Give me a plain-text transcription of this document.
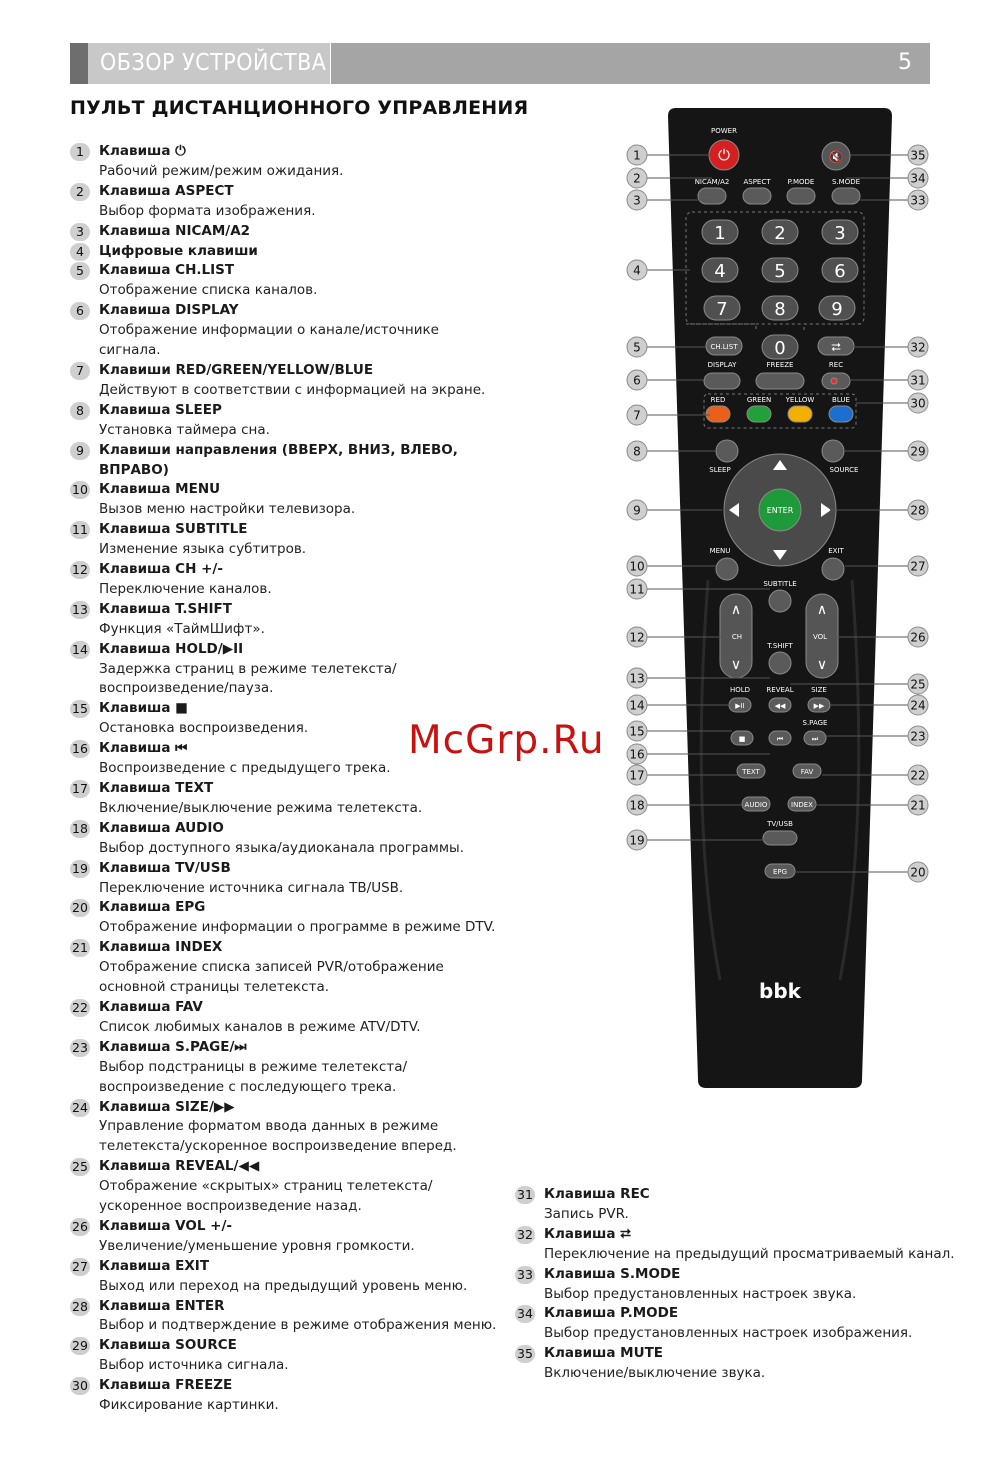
ОБЗОР УСТРОЙСТВА	5
ПУЛЬТ ДИСТАНЦИОННОГО УПРАВЛЕНИЯ
1	Клавиша ⏻
Рабочий режим/режим ожидания.
2	Клавиша ASPECT
Выбор формата изображения.
3	Клавиша NICAM/A2
4	Цифровые клавиши
5	Клавиша CH.LIST
Отображение списка каналов.
6	Клавиша DISPLAY
Отображение информации о канале/источнике сигнала.
7	Клавиши RED/GREEN/YELLOW/BLUE
Действуют в соответствии с информацией на экране.
8	Клавиша SLEEP
Установка таймера сна.
9	Клавиши направления (ВВЕРХ, ВНИЗ, ВЛЕВО, ВПРАВО)
10 Клавиша MENU
Вызов меню настройки телевизора.
11 Клавиша SUBTITLE
Изменение языка субтитров.
12 Клавиша CH +/-
Переключение каналов.
13 Клавиша T.SHIFT
Функция «ТаймШифт».
14 Клавиша HOLD/▶II
Задержка страниц в режиме телетекста/ воспроизведение/пауза.
15 Клавиша ■
Остановка воспроизведения.
16 Клавиша ⏮
Воспроизведение с предыдущего трека.
17 Клавиша TEXT
Включение/выключение режима телетекста.
18 Клавиша AUDIO
Выбор доступного языка/аудиоканала программы.
19 Клавиша TV/USB
Переключение источника сигнала ТВ/USB.
20 Клавиша EPG
Отображение информации о программе в режиме DTV.
21 Клавиша INDEX
Отображение списка записей PVR/отображение основной страницы телетекста.
22 Клавиша FAV
Список любимых каналов в режиме ATV/DTV.
23 Клавиша S.PAGE/⏭
Выбор подстраницы в режиме телетекста/ воспроизведение с последующего трека.
24 Клавиша SIZE/▶▶
Управление форматом ввода данных в режиме телетекста/ускоренное воспроизведение вперед.
25 Клавиша REVEAL/◀◀
Отображение «скрытых» страниц телетекста/ускоренное воспроизведение назад.
26 Клавиша VOL +/-
Увеличение/уменьшение уровня громкости.
27 Клавиша EXIT
Выход или переход на предыдущий уровень меню.
28 Клавиша ENTER
Выбор и подтверждение в режиме отображения меню.
29 Клавиша SOURCE
Выбор источника сигнала.
30 Клавиша FREEZE
Фиксирование картинки.
31 Клавиша REC
Запись PVR.
32 Клавиша ⮂
Переключение на предыдущий просматриваемый канал.
33 Клавиша S.MODE
Выбор предустановленных настроек звука.
34 Клавиша P.MODE
Выбор предустановленных настроек изображения.
35 Клавиша MUTE
Включение/выключение звука.
POWER
⏻	🔇
NICAM/A2 ASPECT P.MODE	S.MODE
1	2	3
4	5	6
7	8	9
0
CH.LIST	⮂
DISPLAY	FREEZE	REC
RED	GREEN YELLOW	BLUE
SLEEP	SOURCE
ENTER
MENU	EXIT
SUBTITLE
∧
∨
CH
∧
∨
VOL
T.SHIFT
HOLD REVEAL	SIZE
▶II	◀◀	▶▶
S.PAGE
■	⏮	⏭
TEXT	FAV
AUDIO	INDEX
TV/USB
EPG
bbk
1
2
3
4
5
6
7
8
9
10
11
12
13
14
15
16
17
18
19
35
34
33
32
31
30
29
28
27
26
25
24
23
22
21
20
McGrp.Ru
